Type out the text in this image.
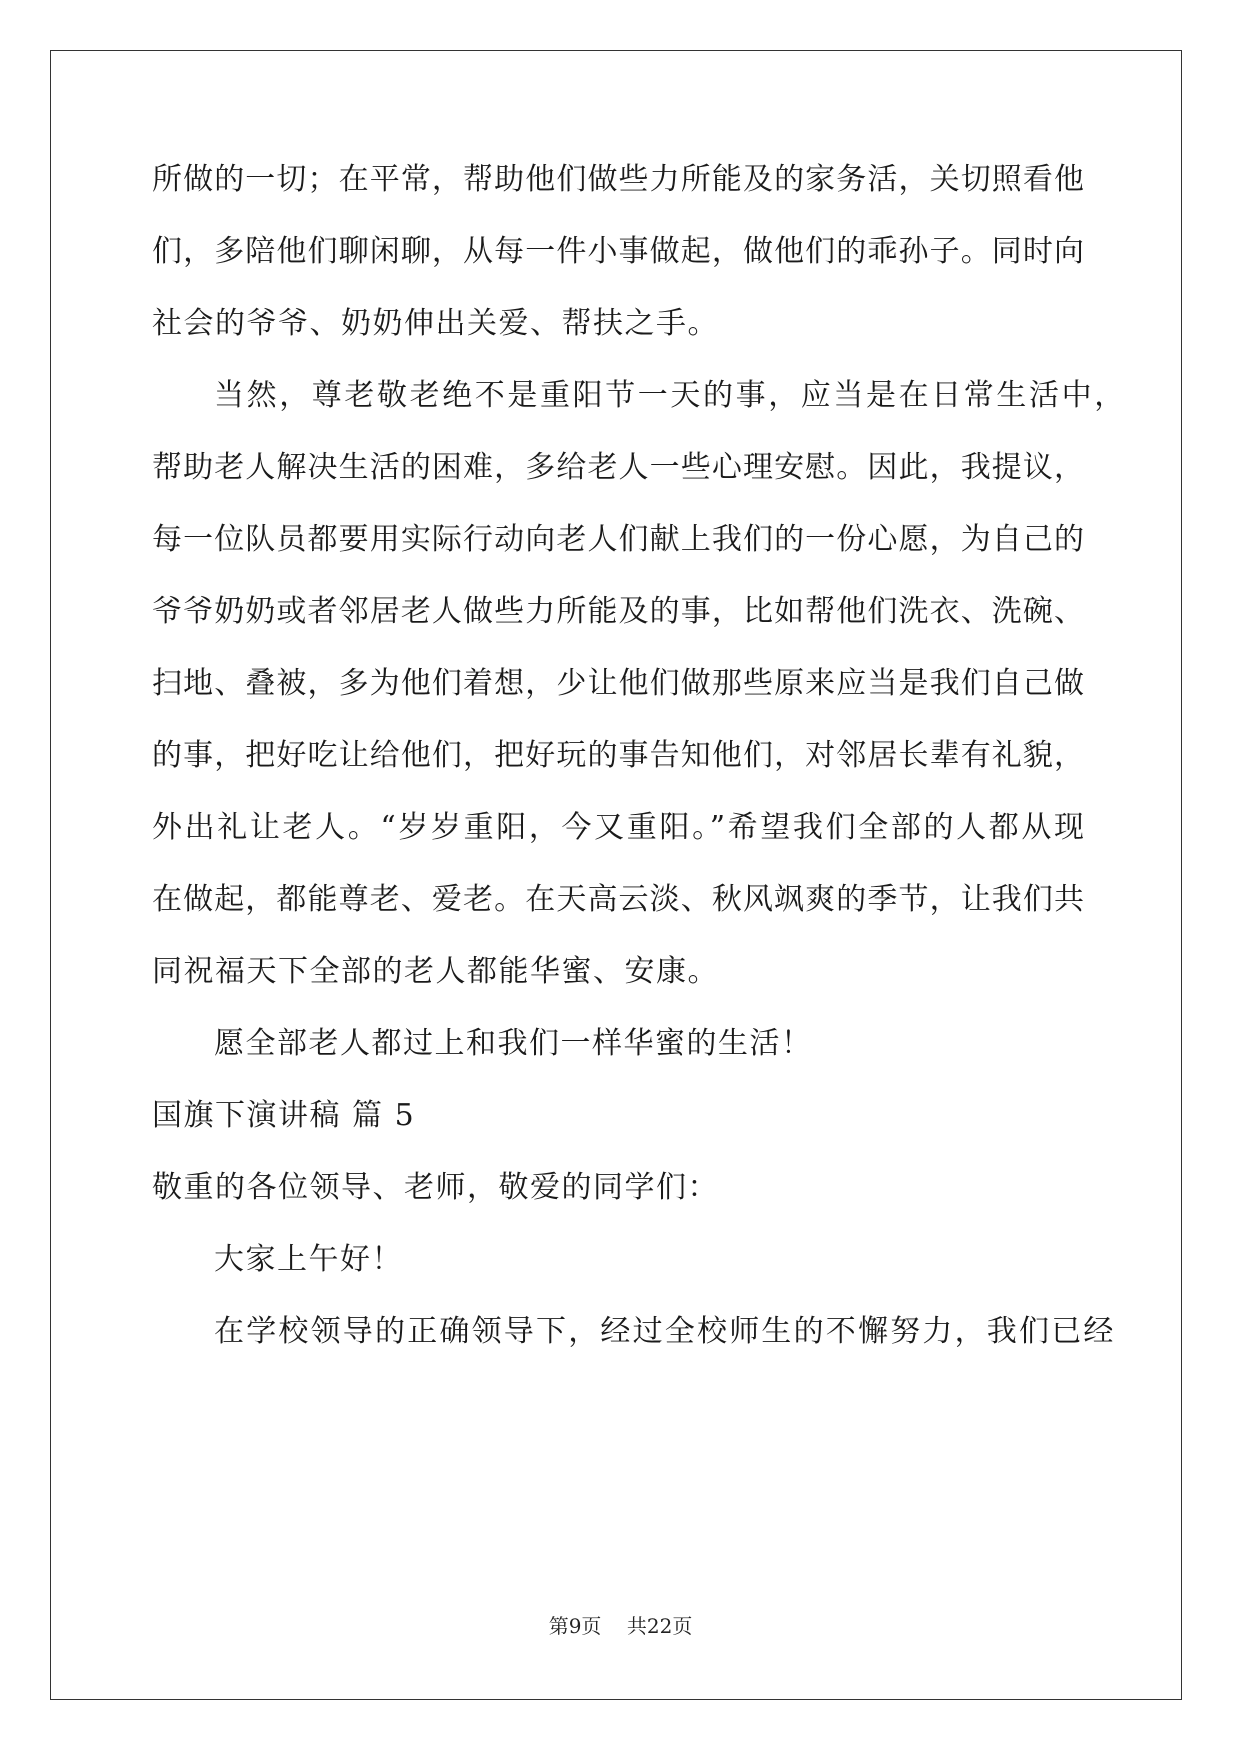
所做的一切；在平常，帮助他们做些力所能及的家务活，关切照看他
们，多陪他们聊闲聊，从每一件小事做起，做他们的乖孙子。同时向
社会的爷爷、奶奶伸出关爱、帮扶之手。
当然，尊老敬老绝不是重阳节一天的事，应当是在日常生活中，
帮助老人解决生活的困难，多给老人一些心理安慰。因此，我提议，
每一位队员都要用实际行动向老人们献上我们的一份心愿，为自己的
爷爷奶奶或者邻居老人做些力所能及的事，比如帮他们洗衣、洗碗、
扫地、叠被，多为他们着想，少让他们做那些原来应当是我们自己做
的事，把好吃让给他们，把好玩的事告知他们，对邻居长辈有礼貌，
外出礼让老人。“岁岁重阳，今又重阳。”希望我们全部的人都从现
在做起，都能尊老、爱老。在天高云淡、秋风飒爽的季节，让我们共
同祝福天下全部的老人都能华蜜、安康。
愿全部老人都过上和我们一样华蜜的生活！
国旗下演讲稿 篇 5
敬重的各位领导、老师，敬爱的同学们：
大家上午好！
在学校领导的正确领导下，经过全校师生的不懈努力，我们已经
第9页 共22页
